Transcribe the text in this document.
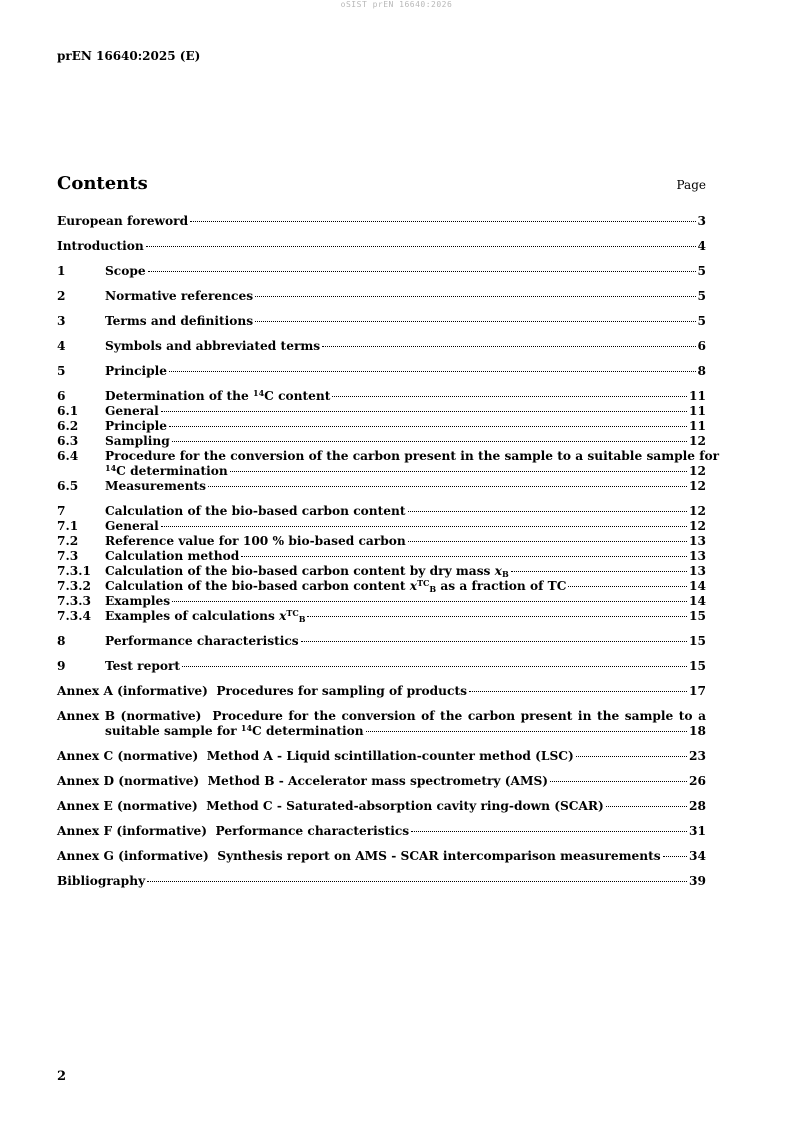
oSIST prEN 16640:2026
prEN 16640:2025 (E)
Contents	Page
European foreword	3
Introduction	4
1	Scope	5
2	Normative references	5
3	Terms and definitions	5
4	Symbols and abbreviated terms	6
5	Principle	8
6	Determination of the $^{14}$C content	11
6.1	General	11
6.2	Principle	11
6.3	Sampling	12
6.4	Procedure for the conversion of the carbon present in the sample to a suitable sample for
$^{14}$C determination	12
6.5	Measurements	12
7	Calculation of the bio-based carbon content	12
7.1	General	12
7.2	Reference value for 100 % bio-based carbon	13
7.3	Calculation method	13
7.3.1	Calculation of the bio-based carbon content by dry mass $x_B$	13
7.3.2	Calculation of the bio-based carbon content $x^{TC}_B$ as a fraction of TC	14
7.3.3	Examples	14
7.3.4	Examples of calculations $x^{TC}_B$	15
8	Performance characteristics	15
9	Test report	15
Annex A (informative)  Procedures for sampling of products	17
Annex B (normative)  Procedure for the conversion of the carbon present in the sample to a
suitable sample for $^{14}$C determination	18
Annex C (normative)  Method A - Liquid scintillation-counter method (LSC)	23
Annex D (normative)  Method B - Accelerator mass spectrometry (AMS)	26
Annex E (normative)  Method C - Saturated-absorption cavity ring-down (SCAR)	28
Annex F (informative)  Performance characteristics	31
Annex G (informative)  Synthesis report on AMS - SCAR intercomparison measurements 34
Bibliography	39
2
